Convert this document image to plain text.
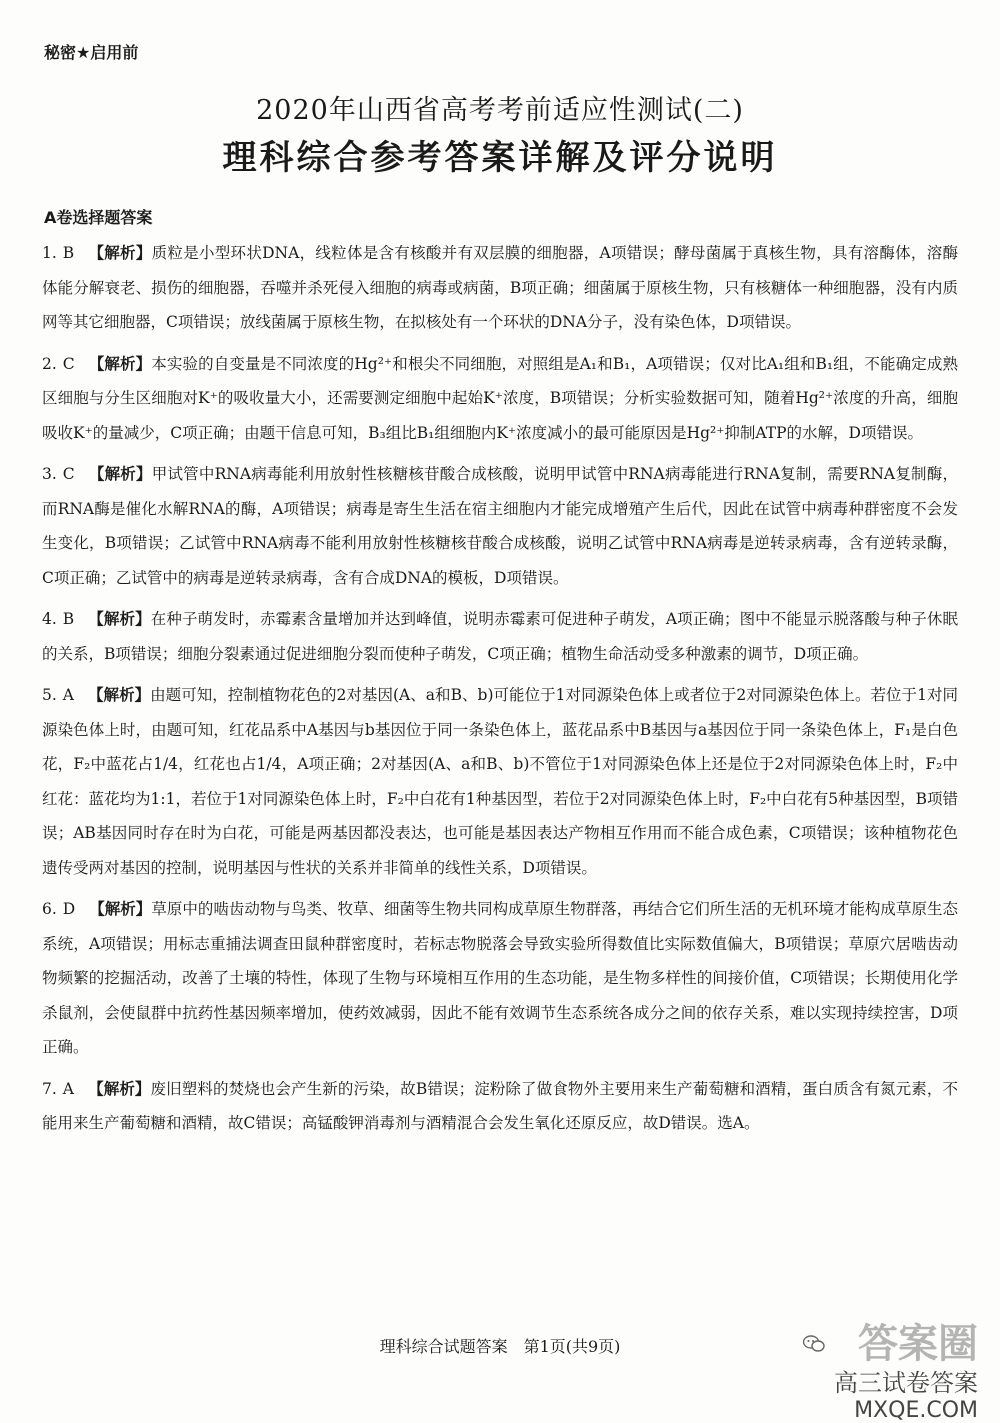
秘密★启用前
2020年山西省高考考前适应性测试(二)
理科综合参考答案详解及评分说明
A卷选择题答案
1. B 【解析】质粒是小型环状DNA，线粒体是含有核酸并有双层膜的细胞器，A项错误；酵母菌属于真核生物，具有溶酶体，溶酶体能分解衰老、损伤的细胞器，吞噬并杀死侵入细胞的病毒或病菌，B项正确；细菌属于原核生物，只有核糖体一种细胞器，没有内质网等其它细胞器，C项错误；放线菌属于原核生物，在拟核处有一个环状的DNA分子，没有染色体，D项错误。
2. C 【解析】本实验的自变量是不同浓度的Hg²⁺和根尖不同细胞，对照组是A₁和B₁，A项错误；仅对比A₁组和B₁组，不能确定成熟区细胞与分生区细胞对K⁺的吸收量大小，还需要测定细胞中起始K⁺浓度，B项错误；分析实验数据可知，随着Hg²⁺浓度的升高，细胞吸收K⁺的量减少，C项正确；由题干信息可知，B₃组比B₁组细胞内K⁺浓度减小的最可能原因是Hg²⁺抑制ATP的水解，D项错误。
3. C 【解析】甲试管中RNA病毒能利用放射性核糖核苷酸合成核酸，说明甲试管中RNA病毒能进行RNA复制，需要RNA复制酶，而RNA酶是催化水解RNA的酶，A项错误；病毒是寄生生活在宿主细胞内才能完成增殖产生后代，因此在试管中病毒种群密度不会发生变化，B项错误；乙试管中RNA病毒不能利用放射性核糖核苷酸合成核酸，说明乙试管中RNA病毒是逆转录病毒，含有逆转录酶，C项正确；乙试管中的病毒是逆转录病毒，含有合成DNA的模板，D项错误。
4. B 【解析】在种子萌发时，赤霉素含量增加并达到峰值，说明赤霉素可促进种子萌发，A项正确；图中不能显示脱落酸与种子休眠的关系，B项错误；细胞分裂素通过促进细胞分裂而使种子萌发，C项正确；植物生命活动受多种激素的调节，D项正确。
5. A 【解析】由题可知，控制植物花色的2对基因(A、a和B、b)可能位于1对同源染色体上或者位于2对同源染色体上。若位于1对同源染色体上时，由题可知，红花品系中A基因与b基因位于同一条染色体上，蓝花品系中B基因与a基因位于同一条染色体上，F₁是白色花，F₂中蓝花占1/4，红花也占1/4，A项正确；2对基因(A、a和B、b)不管位于1对同源染色体上还是位于2对同源染色体上时，F₂中红花：蓝花均为1:1，若位于1对同源染色体上时，F₂中白花有1种基因型，若位于2对同源染色体上时，F₂中白花有5种基因型，B项错误；AB基因同时存在时为白花，可能是两基因都没表达，也可能是基因表达产物相互作用而不能合成色素，C项错误；该种植物花色遗传受两对基因的控制，说明基因与性状的关系并非简单的线性关系，D项错误。
6. D 【解析】草原中的啮齿动物与鸟类、牧草、细菌等生物共同构成草原生物群落，再结合它们所生活的无机环境才能构成草原生态系统，A项错误；用标志重捕法调查田鼠种群密度时，若标志物脱落会导致实验所得数值比实际数值偏大，B项错误；草原穴居啮齿动物频繁的挖掘活动，改善了土壤的特性，体现了生物与环境相互作用的生态功能，是生物多样性的间接价值，C项错误；长期使用化学杀鼠剂，会使鼠群中抗药性基因频率增加，使药效减弱，因此不能有效调节生态系统各成分之间的依存关系，难以实现持续控害，D项正确。
7. A 【解析】废旧塑料的焚烧也会产生新的污染，故B错误；淀粉除了做食物外主要用来生产葡萄糖和酒精，蛋白质含有氮元素，不能用来生产葡萄糖和酒精，故C错误；高锰酸钾消毒剂与酒精混合会发生氧化还原反应，故D错误。选A。
理科综合试题答案　第1页(共9页)	答案圈
高三试卷答案
MXQE.COM
